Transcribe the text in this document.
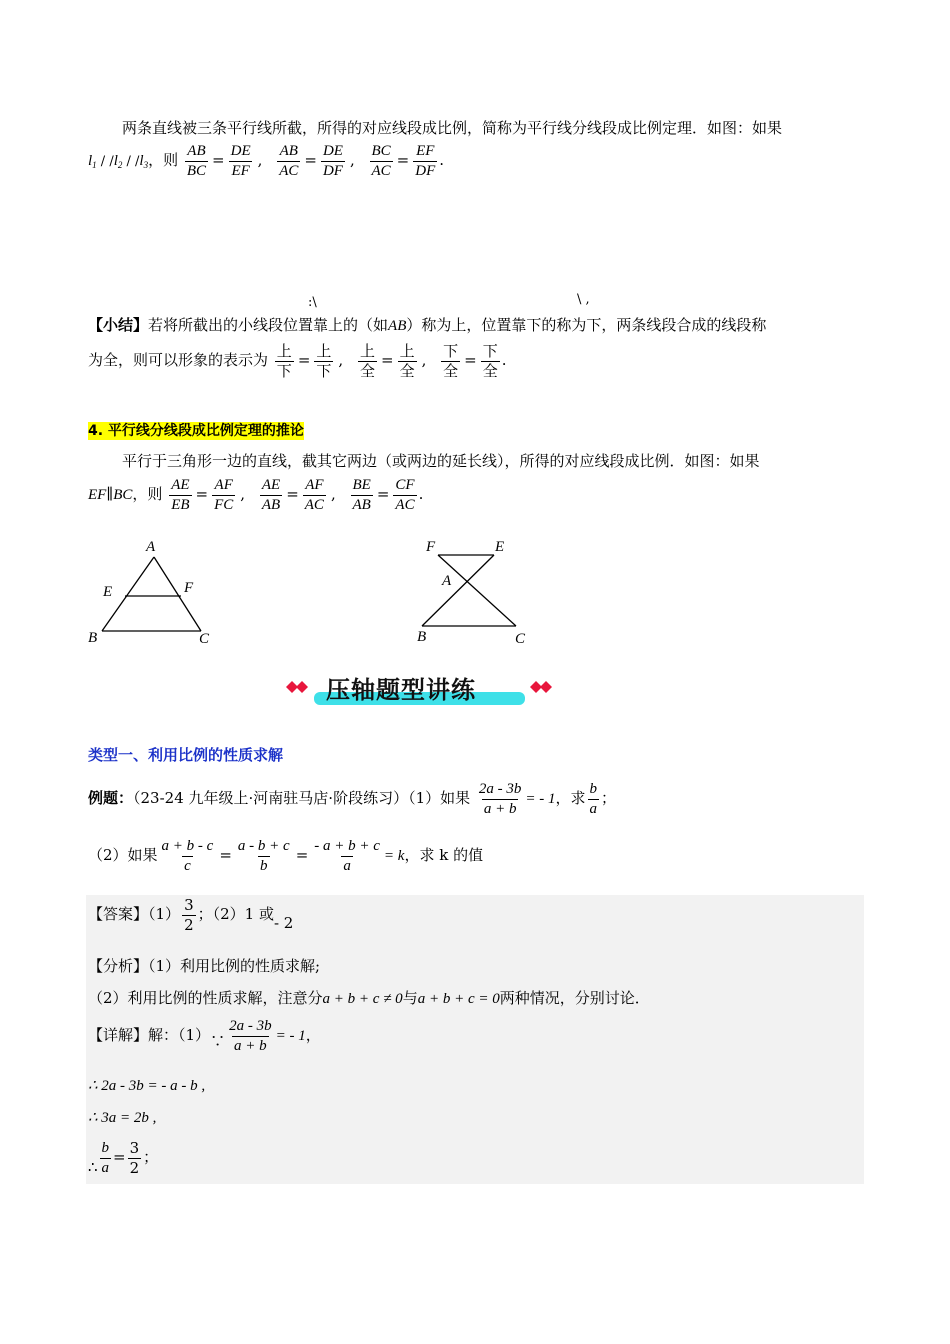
两条直线被三条平行线所截，所得的对应线段成比例，简称为平行线分线段成比例定理．如图：如果
$l_1 / /l_2 / /l_3$，则 $\frac{AB}{BC} = \frac{DE}{EF}$ , $\frac{AB}{AC} = \frac{DE}{DF}$ , $\frac{BC}{AC} = \frac{EF}{DF}$ .
:\	\ ,
【小结】若将所截出的小线段位置靠上的（如AB）称为上，位置靠下的称为下，两条线段合成的线段称
为全，则可以形象的表示为 $\frac{\text{上}}{\text{下}} = \frac{\text{上}}{\text{下}}$ , $\frac{\text{上}}{\text{全}} = \frac{\text{上}}{\text{全}}$ , $\frac{\text{下}}{\text{全}} = \frac{\text{下}}{\text{全}}$ .
4. 平行线分线段成比例定理的推论
平行于三角形一边的直线，截其它两边（或两边的延长线），所得的对应线段成比例．如图：如果
EF∥BC，则 $\frac{AE}{EB} = \frac{AF}{FC}$ , $\frac{AE}{AB} = \frac{AF}{AC}$ , $\frac{BE}{AB} = \frac{CF}{AC}$ .
A
E	F
B	C
F	E
A
B	C
压轴题型讲练
类型一、利用比例的性质求解
例题：（23-24 九年级上·河南驻马店·阶段练习）（1）如果 $\frac{2a - 3b}{a + b}$ = - 1，求 $\frac{b}{a}$ ；
（2）如果 $\frac{a + b - c}{c} = \frac{a - b + c}{b} = \frac{- a + b + c}{a} = k$，求 k 的值
【答案】$(1) \frac{3}{2}$ ；（2）1 或- 2
【分析】（1）利用比例的性质求解;
（2）利用比例的性质求解，注意分a + b + c ≠ 0与a + b + c = 0两种情况，分别讨论．
【详解】解：（1）∵ $\frac{2a - 3b}{a + b}$ = - 1，
∴ 2a - 3b = - a - b ,
∴ 3a = 2b ,
∴ $\frac{b}{a} = \frac{3}{2}$ ；
